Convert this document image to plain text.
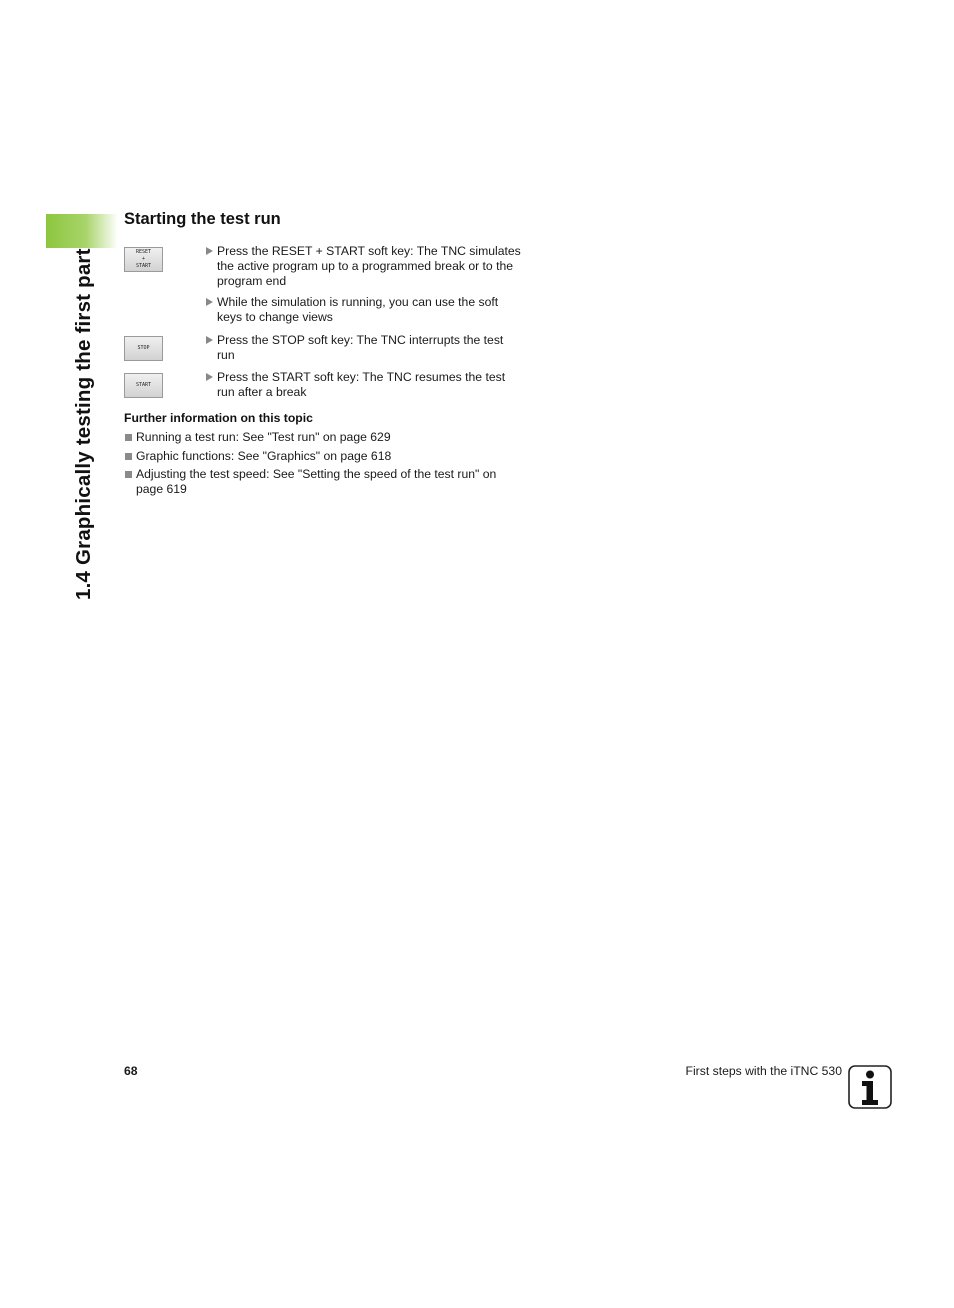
1.4 Graphically testing the first part
Starting the test run
RESET
+
START
STOP
START
Press the RESET + START soft key: The TNC simulates the active program up to a programmed break or to the program end
While the simulation is running, you can use the soft keys to change views
Press the STOP soft key: The TNC interrupts the test run
Press the START soft key: The TNC resumes the test run after a break
Further information on this topic
Running a test run: See "Test run" on page 629
Graphic functions: See "Graphics" on page 618
Adjusting the test speed: See "Setting the speed of the test run" on page 619
68	First steps with the iTNC 530
